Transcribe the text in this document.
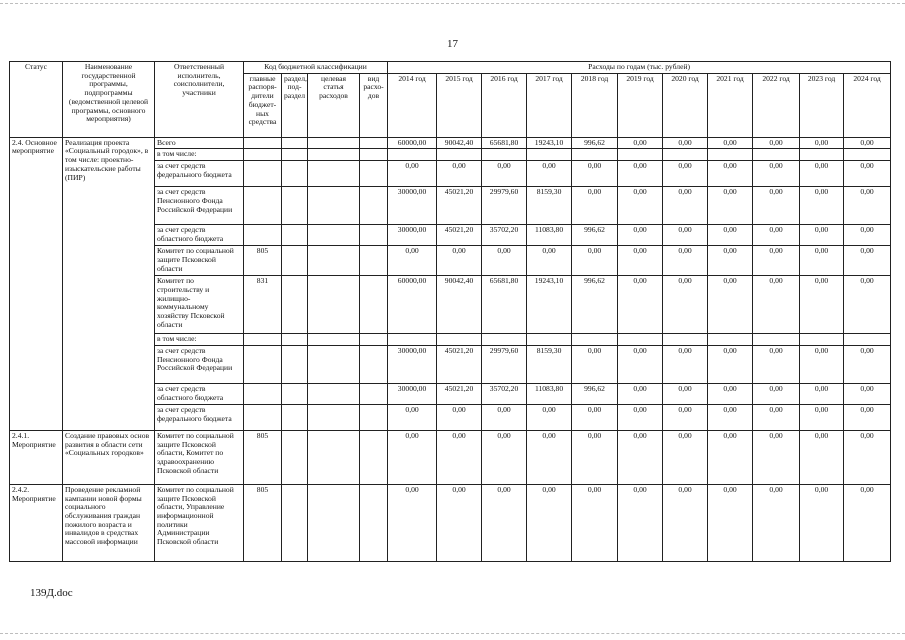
17
Статус	Наименование государственной программы, подпрограммы (ведомственной целевой программы, основного мероприятия)	Ответственный исполнитель, соисполнители, участники	Код бюджетной классификации				Расходы по годам (тыс. рублей)										
			главные распоря-дители бюджет-ных средства	раздел, под-раздел	целевая статья расходов	вид расхо-дов	2014 год	2015 год	2016 год	2017 год	2018 год	2019 год	2020 год	2021 год	2022 год	2023 год	2024 год
2.4. Основное мероприятие	Реализация проекта «Социальный городок», в том числе: проектно-изыскательские работы (ПИР)	Всего					60000,00	90042,40	65681,80	19243,10	996,62	0,00	0,00	0,00	0,00	0,00	0,00
		в том числе:															
		за счет средств федерального бюджета					0,00	0,00	0,00	0,00	0,00	0,00	0,00	0,00	0,00	0,00	0,00
		за счет средств Пенсионного Фонда Российской Федерации					30000,00	45021,20	29979,60	8159,30	0,00	0,00	0,00	0,00	0,00	0,00	0,00
		за счет средств областного бюджета					30000,00	45021,20	35702,20	11083,80	996,62	0,00	0,00	0,00	0,00	0,00	0,00
		Комитет по социальной защите Псковской области	805				0,00	0,00	0,00	0,00	0,00	0,00	0,00	0,00	0,00	0,00	0,00
		Комитет по строительству и жилищно-коммунальному хозяйству Псковской области	831				60000,00	90042,40	65681,80	19243,10	996,62	0,00	0,00	0,00	0,00	0,00	0,00
		в том числе:															
		за счет средств Пенсионного Фонда Российской Федерации					30000,00	45021,20	29979,60	8159,30	0,00	0,00	0,00	0,00	0,00	0,00	0,00
		за счет средств областного бюджета					30000,00	45021,20	35702,20	11083,80	996,62	0,00	0,00	0,00	0,00	0,00	0,00
		за счет средств федерального бюджета					0,00	0,00	0,00	0,00	0,00	0,00	0,00	0,00	0,00	0,00	0,00
2.4.1. Мероприятие	Создание правовых основ развития в области сети «Социальных городков»	Комитет по социальной защите Псковской области, Комитет по здравоохранению Псковской области	805				0,00	0,00	0,00	0,00	0,00	0,00	0,00	0,00	0,00	0,00	0,00
2.4.2. Мероприятие	Проведение рекламной кампании новой формы социального обслуживания граждан пожилого возраста и инвалидов в средствах массовой информации	Комитет по социальной защите Псковской области, Управление информационной политики Администрации Псковской области	805				0,00	0,00	0,00	0,00	0,00	0,00	0,00	0,00	0,00	0,00	0,00
139Д.doc
